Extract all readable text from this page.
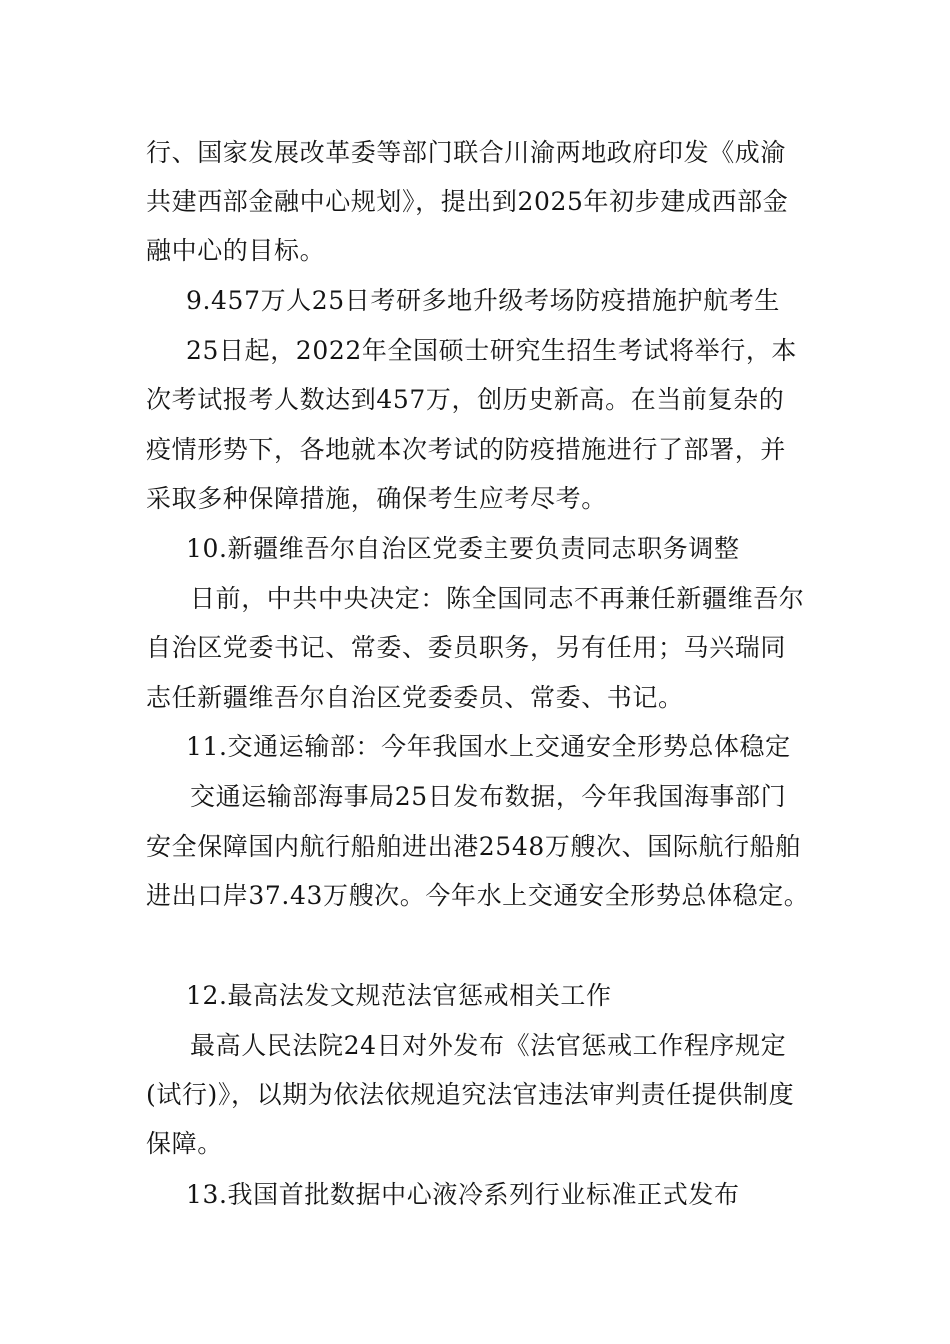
行、国家发展改革委等部门联合川渝两地政府印发《成渝
共建西部金融中心规划》，提出到2025年初步建成西部金
融中心的目标。
9.457万人25日考研多地升级考场防疫措施护航考生
25日起，2022年全国硕士研究生招生考试将举行，本
次考试报考人数达到457万，创历史新高。在当前复杂的
疫情形势下，各地就本次考试的防疫措施进行了部署，并
采取多种保障措施，确保考生应考尽考。
10.新疆维吾尔自治区党委主要负责同志职务调整
日前，中共中央决定：陈全国同志不再兼任新疆维吾尔
自治区党委书记、常委、委员职务，另有任用；马兴瑞同
志任新疆维吾尔自治区党委委员、常委、书记。
11.交通运输部：今年我国水上交通安全形势总体稳定
交通运输部海事局25日发布数据，今年我国海事部门
安全保障国内航行船舶进出港2548万艘次、国际航行船舶
进出口岸37.43万艘次。今年水上交通安全形势总体稳定。
12.最高法发文规范法官惩戒相关工作
最高人民法院24日对外发布《法官惩戒工作程序规定
(试行)》，以期为依法依规追究法官违法审判责任提供制度
保障。
13.我国首批数据中心液冷系列行业标准正式发布
